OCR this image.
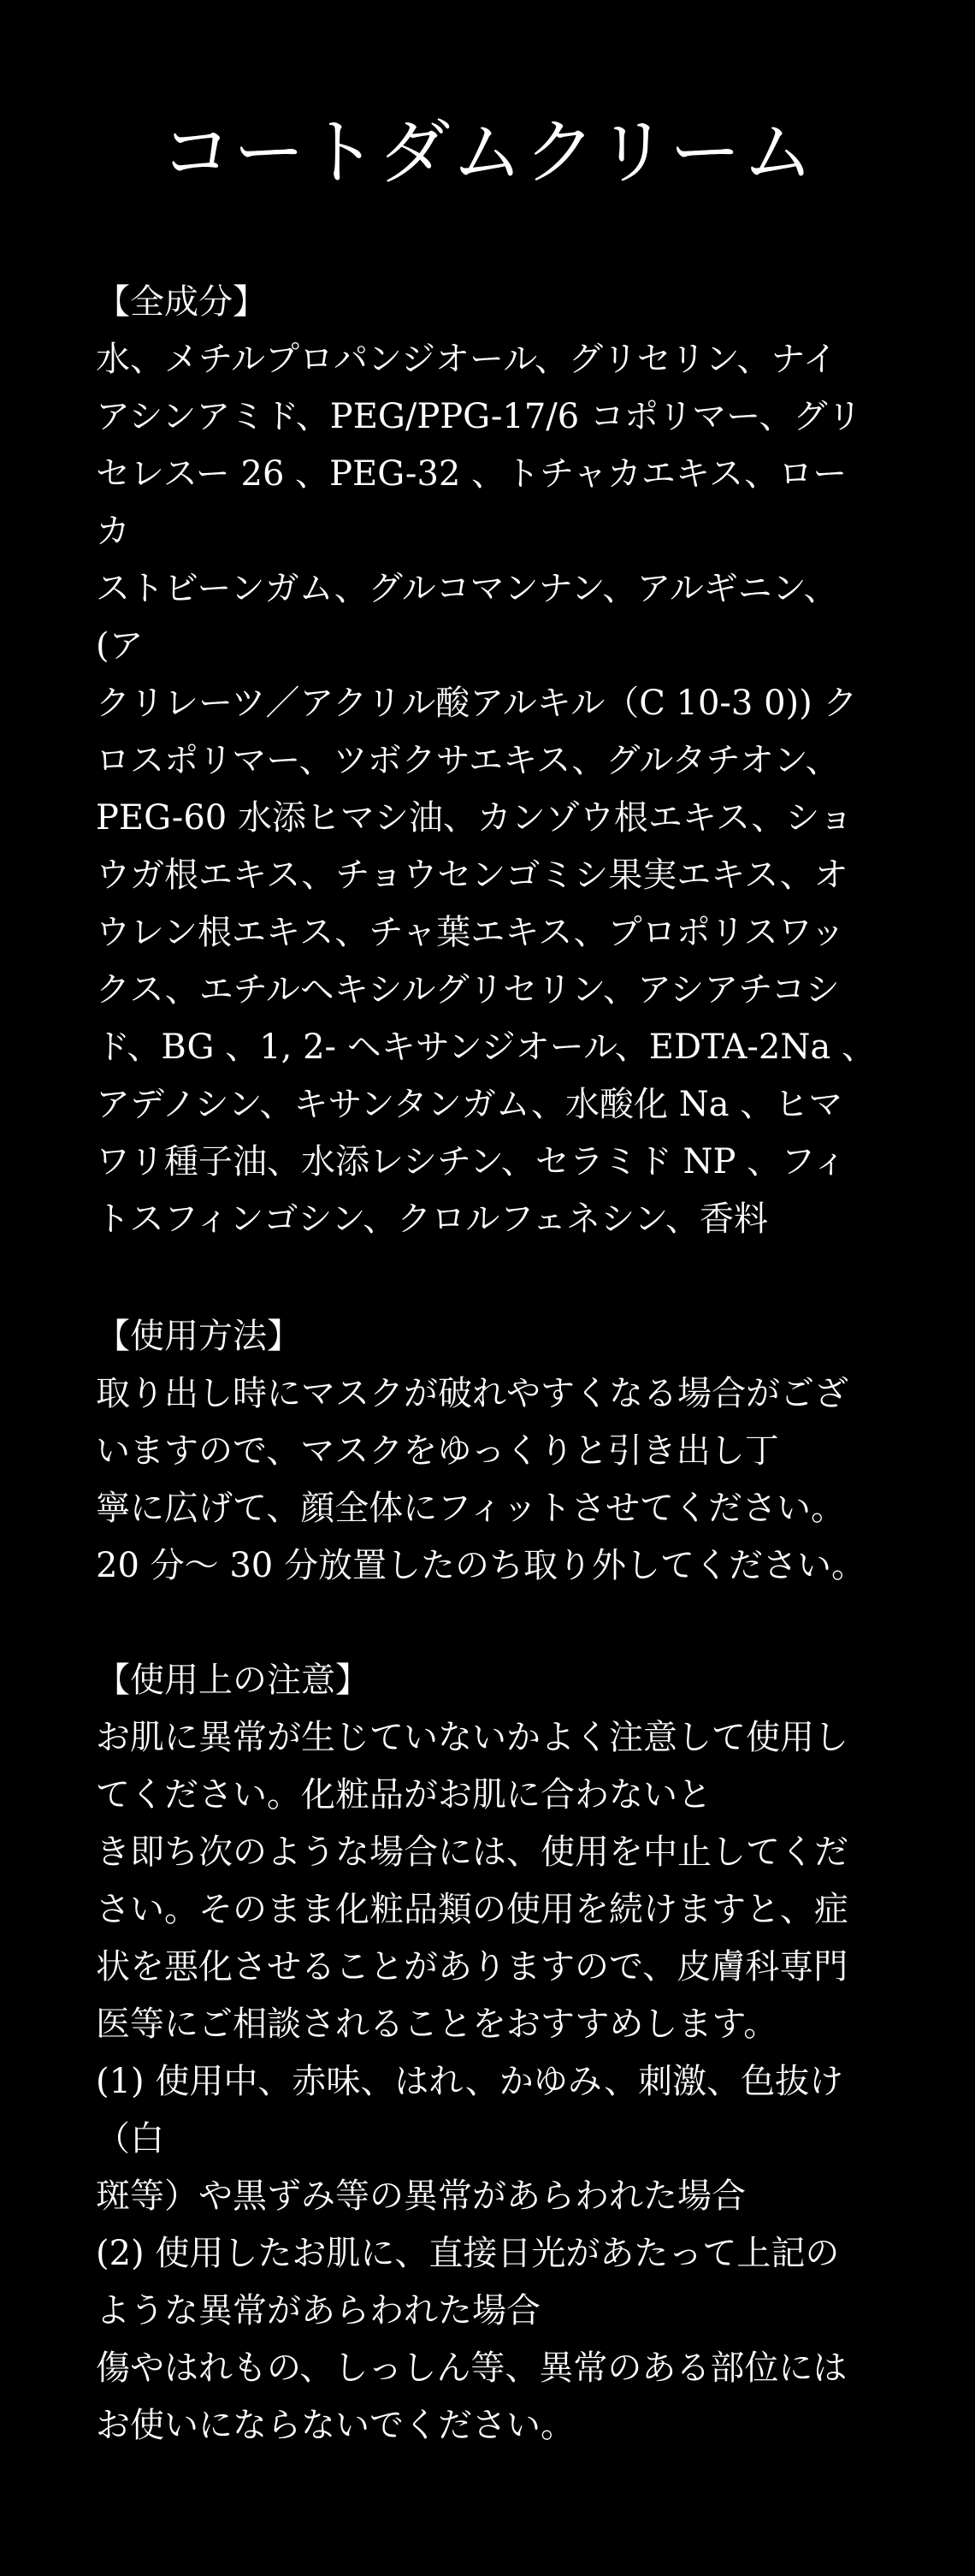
コートダムクリーム
【全成分】

水、メチルプロパンジオール、グリセリン、ナイ

アシンアミド、PEG/PPG-17/6 コポリマー、グリ

セレスー 26 、PEG-32 、トチャカエキス、ローカ

ストビーンガム、グルコマンナン、アルギニン、(ア

クリレーツ／アクリル酸アルキル（C 10-3 0)) ク

ロスポリマー、ツボクサエキス、グルタチオン、

PEG-60 水添ヒマシ油、カンゾウ根エキス、ショ

ウガ根エキス、チョウセンゴミシ果実エキス、オ

ウレン根エキス、チャ葉エキス、プロポリスワッ

クス、エチルヘキシルグリセリン、アシアチコシ

ド、BG 、1, 2- ヘキサンジオール、EDTA-2Na 、

アデノシン、キサンタンガム、水酸化 Na 、ヒマ

ワリ種子油、水添レシチン、セラミド NP 、フィ

トスフィンゴシン、クロルフェネシン、香料

【使用方法】

取り出し時にマスクが破れやすくなる場合がござ

いますので、マスクをゆっくりと引き出し丁

寧に広げて、顔全体にフィットさせてください。

20 分〜 30 分放置したのち取り外してください。

【使用上の注意】

お肌に異常が生じていないかよく注意して使用し

てください。化粧品がお肌に合わないと

き即ち次のような場合には、使用を中止してくだ

さい。そのまま化粧品類の使用を続けますと、症

状を悪化させることがありますので、皮膚科専門

医等にご相談されることをおすすめします。

(1) 使用中、赤味、はれ、かゆみ、刺激、色抜け（白

斑等）や黒ずみ等の異常があらわれた場合

(2) 使用したお肌に、直接日光があたって上記の

ような異常があらわれた場合

傷やはれもの、しっしん等、異常のある部位には

お使いにならないでください。
